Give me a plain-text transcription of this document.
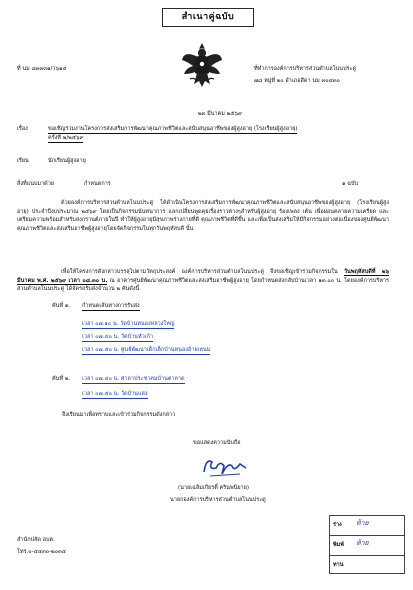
สำเนาคู่ฉบับ
ที่ นม ๘๓๓๓๑/ว๖๑๔	ที่ทำการองค์การบริหารส่วนตำบลโนนประดู่
๗๘ หมู่ที่ ๑๐ อำเภอสีดา นม ๓๐๔๓๐
๒๓ มีนาคม ๒๕๖๙
เรื่อง	ขอเชิญร่วมงานโครงการส่งเสริมการพัฒนาคุณภาพชีวิตและสนับสนุนอาชีพของผู้สูงอายุ (โรงเรียนผู้สูงอายุ)
ครั้งที่ ๒/๒๕๖๙
เรียน	นักเรียนผู้สูงอายุ
สิ่งที่แนบมาด้วย	กำหนดการ	๑ ฉบับ

ด้วยองค์การบริหารส่วนตำบลโนนประดู่ ได้ดำเนินโครงการส่งเสริมการพัฒนาคุณภาพชีวิตและสนับสนุนอาชีพของผู้สูงอายุ (โรงเรียนผู้สูงอายุ) ประจำปีงบประมาณ ๒๕๖๙ โดยเป็นกิจกรรมนันทนาการ แลกเปลี่ยนพูดคุยเรื่องราวต่างๆสำหรับผู้สูงอายุ ร้องเพลง เต้น เพื่อผ่อนคลายความเครียด และเตรียมความพร้อมสำหรับสงกรานต์ภายในปี ทำให้ผู้สูงอายุมีสุขภาพร่างกายที่ดี คุณภาพชีวิตที่ดีขึ้น และเพื่อเป็นส่งเสริมให้มีกิจกรรมอย่างต่อเนื่องของศูนย์พัฒนาคุณภาพชีวิตและส่งเสริมอาชีพผู้สูงอายุโดยจัดกิจกรรมในทุกวันพฤหัสบดี นั้น

เพื่อให้โครงการดังกล่าวบรรลุไปตามวัตถุประสงค์ องค์การบริหารส่วนตำบลโนนประดู่ จึงขอเชิญเข้าร่วมกิจกรรมใน วันพฤหัสบดีที่ ๒๖ มีนาคม พ.ศ. ๒๕๖๙ เวลา ๐๘.๓๐ น. ณ อาคารศูนย์พัฒนาคุณภาพชีวิตและส่งเสริมอาชีพผู้สูงอายุ โดยกำหนดส่งกลับบ้านเวลา ๑๓.๐๐ น. โดยองค์การบริหารส่วนตำบลโนนประดู่ ได้จัดรถรับส่งจำนวน ๒ คันดังนี้

คันที่ ๑. กำหนดเส้นทางการรับส่ง
เวลา ๐๗.๑๐ น. วัดบ้านหนองหลวงใหญ่
เวลา ๐๗.๔๐ น. วัดบ้านหัวเก้า
เวลา ๐๗.๕๐ น. ศูนย์พัฒนาเด็กเล็กบ้านหนองอ้ายเหนม
คันที่ ๒. เวลา ๐๗.๔๐ น. ศาลาประชาคมบ้านตาลาด
เวลา ๐๗.๕๐ น. วัดบ้านแสง
จึงเรียนมาเพื่อทราบและเข้าร่วมกิจกรรมดังกล่าว
ขอแสดงความนับถือ
(นายเฉลิมเกียรติ์ ครินพนิยาย)
นายกองค์การบริหารส่วนตำบลโนนประดู่
สำนักปลัด อบต.
โทร.๐-๔๔๓๐-๒๐๓๔
ร่าง ห้าย
พิมพ์ ห้าย
ทาน
